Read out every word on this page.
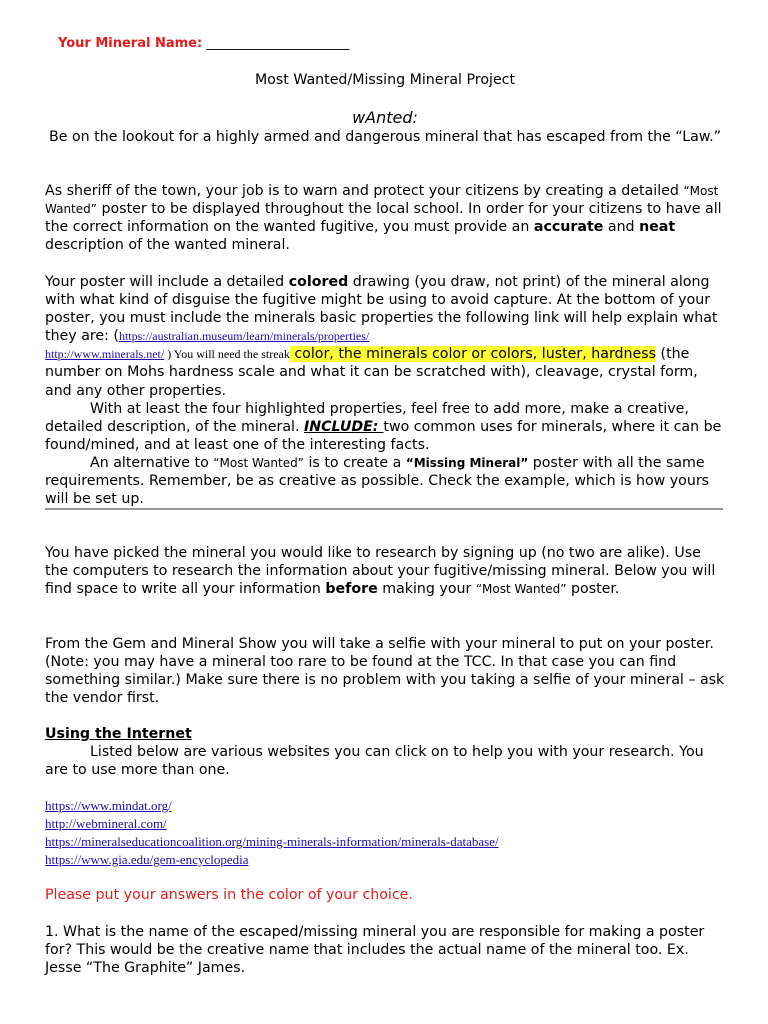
Your Mineral Name: ______________________
Most Wanted/Missing Mineral Project
wAnted:
Be on the lookout for a highly armed and dangerous mineral that has escaped from the “Law.”
As sheriff of the town, your job is to warn and protect your citizens by creating a detailed “Most Wanted” poster to be displayed throughout the local school. In order for your citizens to have all the correct information on the wanted fugitive, you must provide an accurate and neat description of the wanted mineral.
Your poster will include a detailed colored drawing (you draw, not print) of the mineral along with what kind of disguise the fugitive might be using to avoid capture. At the bottom of your poster, you must include the minerals basic properties the following link will help explain what they are: (https://australian.museum/learn/minerals/properties/
http://www.minerals.net/ ) You will need the streak color, the minerals color or colors, luster, hardness (the number on Mohs hardness scale and what it can be scratched with), cleavage, crystal form, and any other properties.
With at least the four highlighted properties, feel free to add more, make a creative, detailed description, of the mineral. INCLUDE: two common uses for minerals, where it can be found/mined, and at least one of the interesting facts.
An alternative to “Most Wanted” is to create a “Missing Mineral” poster with all the same requirements. Remember, be as creative as possible. Check the example, which is how yours will be set up.
You have picked the mineral you would like to research by signing up (no two are alike). Use the computers to research the information about your fugitive/missing mineral. Below you will find space to write all your information before making your “Most Wanted” poster.
From the Gem and Mineral Show you will take a selfie with your mineral to put on your poster. (Note: you may have a mineral too rare to be found at the TCC. In that case you can find something similar.) Make sure there is no problem with you taking a selfie of your mineral – ask the vendor first.
Using the Internet
Listed below are various websites you can click on to help you with your research. You are to use more than one.
https://www.mindat.org/
http://webmineral.com/
https://mineralseducationcoalition.org/mining-minerals-information/minerals-database/
https://www.gia.edu/gem-encyclopedia
Please put your answers in the color of your choice.
1. What is the name of the escaped/missing mineral you are responsible for making a poster for? This would be the creative name that includes the actual name of the mineral too. Ex. Jesse “The Graphite” James.
